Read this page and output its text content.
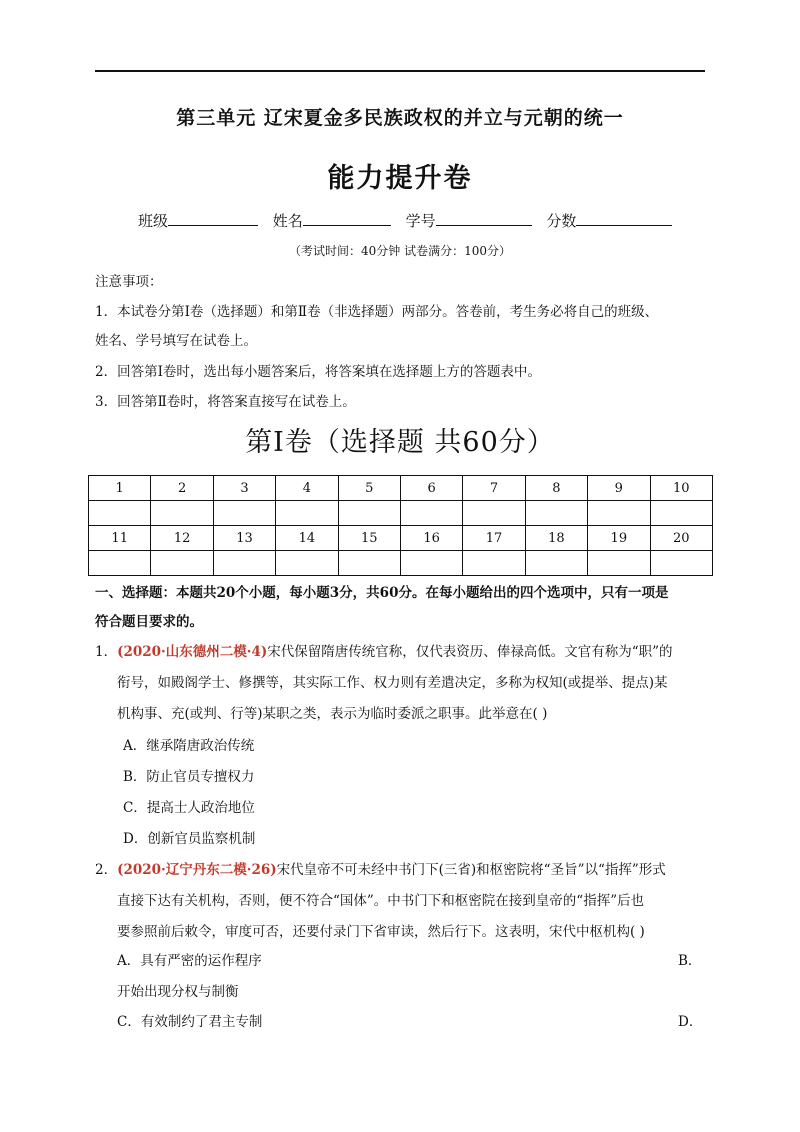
第三单元 辽宋夏金多民族政权的并立与元朝的统一
能力提升卷
班级	姓名	学号	分数
（考试时间：40分钟 试卷满分：100分）
注意事项：
1．本试卷分第Ⅰ卷（选择题）和第Ⅱ卷（非选择题）两部分。答卷前，考生务必将自己的班级、
姓名、学号填写在试卷上。
2．回答第Ⅰ卷时，选出每小题答案后，将答案填在选择题上方的答题表中。
3．回答第Ⅱ卷时，将答案直接写在试卷上。
第Ⅰ卷（选择题 共60分）
1	2	3	4	5	6	7	8	9	10

11	12	13	14	15	16	17	18	19	20

一、选择题：本题共20个小题，每小题3分，共60分。在每小题给出的四个选项中，只有一项是
符合题目要求的。
1．(2020·山东德州二模·4)宋代保留隋唐传统官称，仅代表资历、俸禄高低。文官有称为“职”的
衔号，如殿阁学士、修撰等，其实际工作、权力则有差遣决定，多称为权知(或提举、提点)某
机构事、充(或判、行等)某职之类，表示为临时委派之职事。此举意在( )
A．继承隋唐政治传统
B．防止官员专擅权力
C．提高士人政治地位
D．创新官员监察机制
2．(2020·辽宁丹东二模·26)宋代皇帝不可未经中书门下(三省)和枢密院将“圣旨”以“指挥”形式
直接下达有关机构，否则，便不符合“国体”。中书门下和枢密院在接到皇帝的“指挥”后也
要参照前后敕令，审度可否，还要付录门下省审读，然后行下。这表明，宋代中枢机构( )
A．具有严密的运作程序	B．
开始出现分权与制衡
C．有效制约了君主专制	D．
